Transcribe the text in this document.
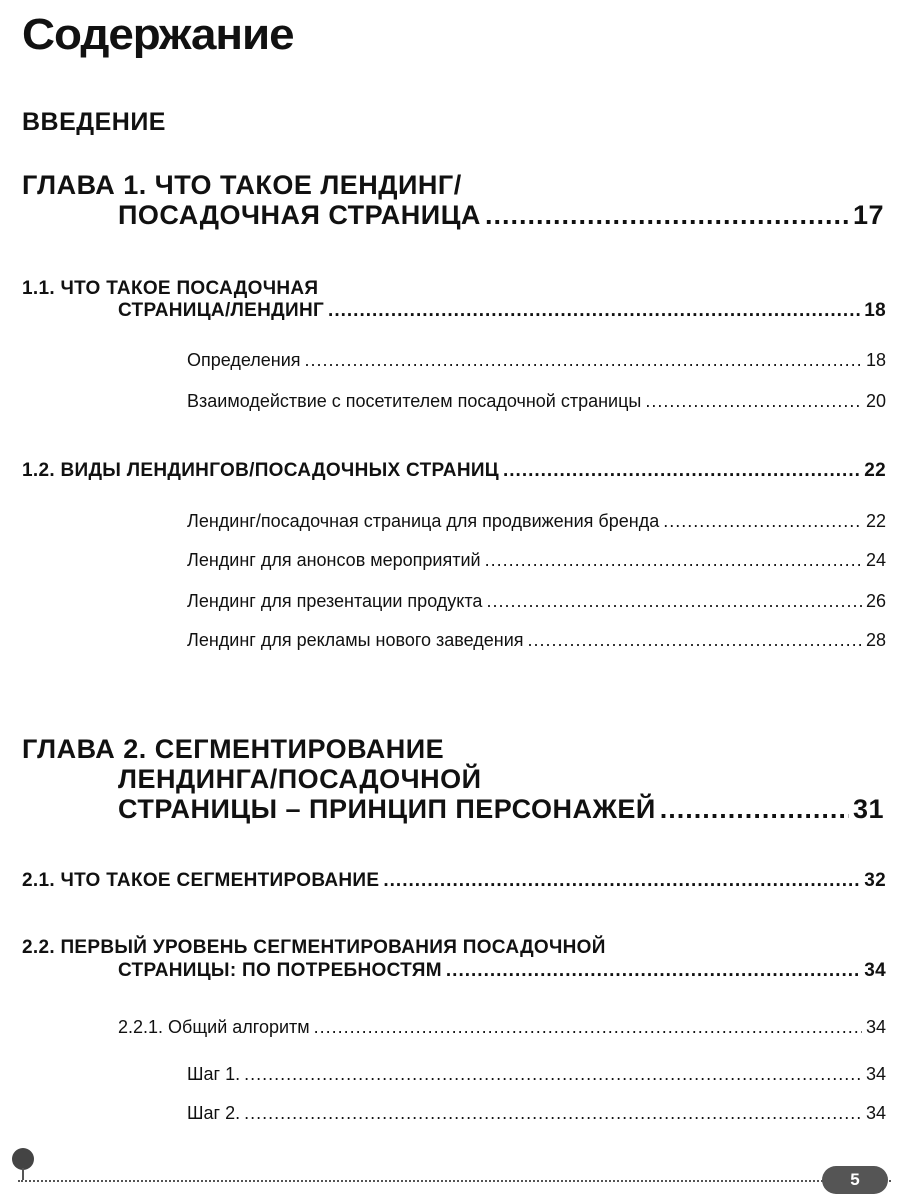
Содержание
ВВЕДЕНИЕ
ГЛАВА 1. ЧТО ТАКОЕ ЛЕНДИНГ/
ПОСАДОЧНАЯ СТРАНИЦА .....	17
1.1. ЧТО ТАКОЕ ПОСАДОЧНАЯ
СТРАНИЦА/ЛЕНДИНГ .....	18
Определения .....	18
Взаимодействие с посетителем посадочной страницы .....	20
1.2. ВИДЫ ЛЕНДИНГОВ/ПОСАДОЧНЫХ СТРАНИЦ .....	22
Лендинг/посадочная страница для продвижения бренда .....	22
Лендинг для анонсов мероприятий .....	24
Лендинг для презентации продукта .....	26
Лендинг для рекламы нового заведения .....	28
ГЛАВА 2. СЕГМЕНТИРОВАНИЕ
ЛЕНДИНГА/ПОСАДОЧНОЙ
СТРАНИЦЫ – ПРИНЦИП ПЕРСОНАЖЕЙ .....	31
2.1. ЧТО ТАКОЕ СЕГМЕНТИРОВАНИЕ .....	32
2.2. ПЕРВЫЙ УРОВЕНЬ СЕГМЕНТИРОВАНИЯ ПОСАДОЧНОЙ
СТРАНИЦЫ: ПО ПОТРЕБНОСТЯМ .....	34
2.2.1. Общий алгоритм .....	34
Шаг 1. .....	34
Шаг 2. .....	34
5
